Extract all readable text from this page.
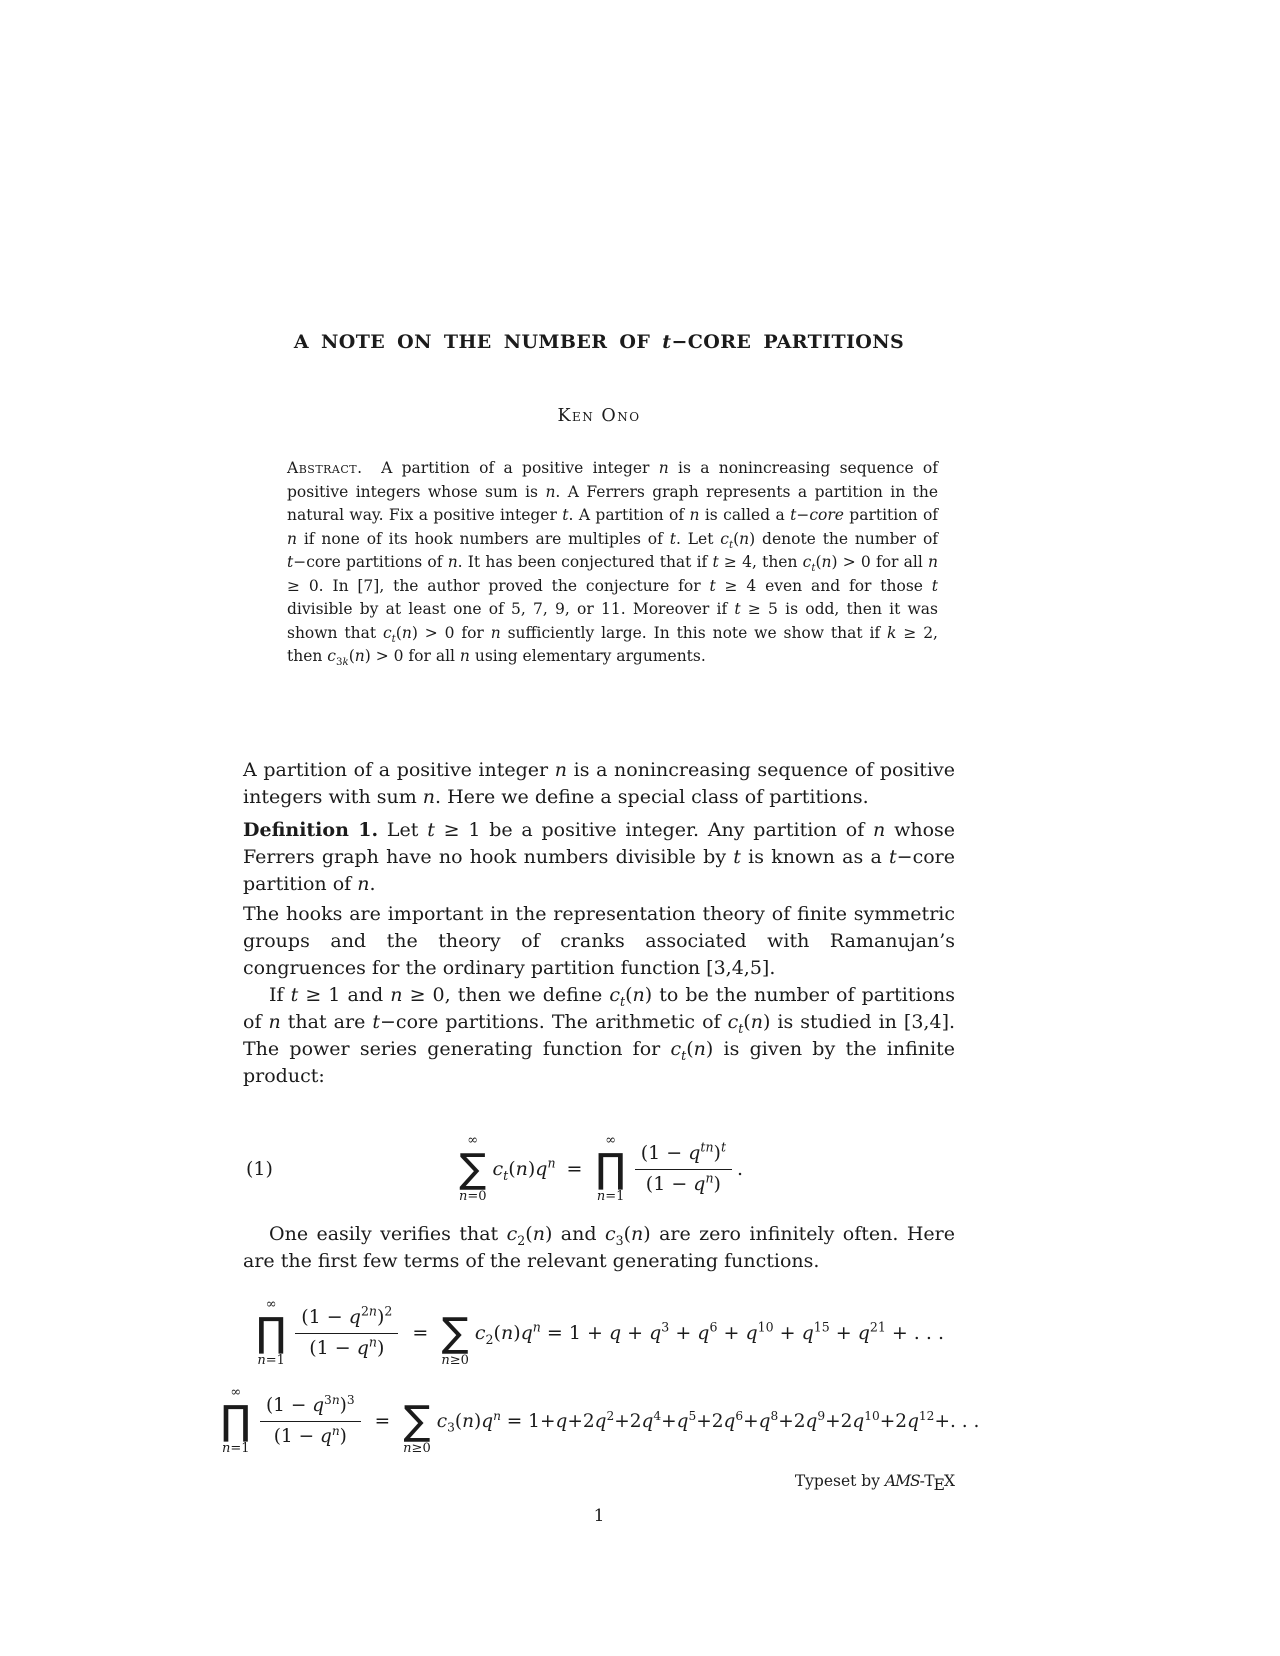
A NOTE ON THE NUMBER OF t−CORE PARTITIONS
Ken Ono
Abstract. A partition of a positive integer n is a nonincreasing sequence of positive integers whose sum is n. A Ferrers graph represents a partition in the natural way. Fix a positive integer t. A partition of n is called a t−core partition of n if none of its hook numbers are multiples of t. Let $c_t(n)$ denote the number of t−core partitions of n. It has been conjectured that if t ≥ 4, then $c_t(n) > 0$ for all n ≥ 0. In [7], the author proved the conjecture for t ≥ 4 even and for those t divisible by at least one of 5, 7, 9, or 11. Moreover if t ≥ 5 is odd, then it was shown that $c_t(n) > 0$ for n sufficiently large. In this note we show that if k ≥ 2, then $c_{3k}(n) > 0$ for all n using elementary arguments.

A partition of a positive integer n is a nonincreasing sequence of positive integers with sum n. Here we define a special class of partitions.

Definition 1. Let t ≥ 1 be a positive integer. Any partition of n whose Ferrers graph have no hook numbers divisible by t is known as a t−core partition of n.

The hooks are important in the representation theory of finite symmetric groups and the theory of cranks associated with Ramanujan’s congruences for the ordinary partition function [3,4,5].

If t ≥ 1 and n ≥ 0, then we define $c_t(n)$ to be the number of partitions of n that are t−core partitions. The arithmetic of $c_t(n)$ is studied in [3,4]. The power series generating function for $c_t(n)$ is given by the infinite product:

(1)
∞
∑
n=0
$c_t(n)q^n$ =
∞
∏
$n=1 \frac{(1 - q^{tn})^t}{(1 - q^n)}$ .

One easily verifies that $c_2(n)$ and $c_3(n)$ are zero infinitely often. Here are the first few terms of the relevant generating functions.

∞
∏
$n=1 \frac{(1 - q^{2n})^2}{(1 - q^n)}$ = ∑
n≥0
$c_2(n)q^n = 1 + q + q^3 + q^6 + q^{10} + q^{15} + q^{21}$ + . . .
∞
∏
n=1
$\frac{(1 - q^{3n})^3}{(1 - q^n)}$ = ∑
n≥0
$c_3(n)q^n = 1+q+2q^2+2q^4+q^5+2q^6+q^8+2q^9+2q^{10}+2q^{12}+$. . .
Typeset by AMS-TEX
1
